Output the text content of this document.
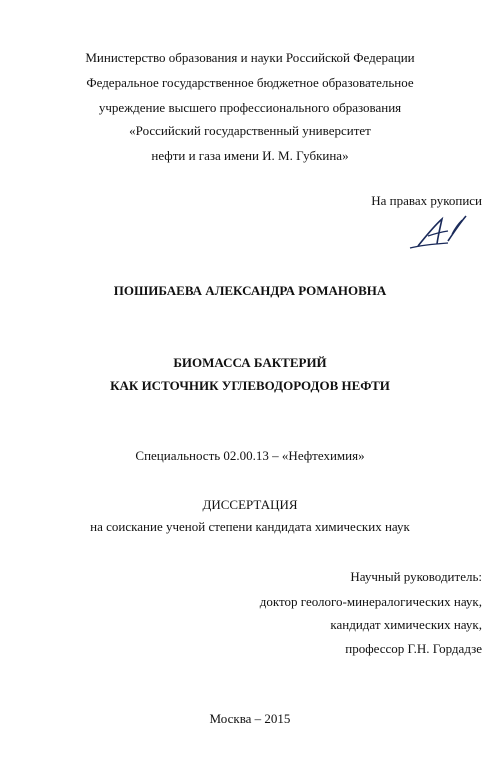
Министерство образования и науки Российской Федерации
Федеральное государственное бюджетное образовательное
учреждение высшего профессионального образования
«Российский государственный университет
нефти и газа имени И. М. Губкина»
На правах рукописи
ПОШИБАЕВА АЛЕКСАНДРА РОМАНОВНА
БИОМАССА БАКТЕРИЙ
КАК ИСТОЧНИК УГЛЕВОДОРОДОВ НЕФТИ
Специальность 02.00.13 – «Нефтехимия»
ДИССЕРТАЦИЯ
на соискание ученой степени кандидата химических наук
Научный руководитель:
доктор геолого-минералогических наук,
кандидат химических наук,
профессор Г.Н. Гордадзе
Москва – 2015
